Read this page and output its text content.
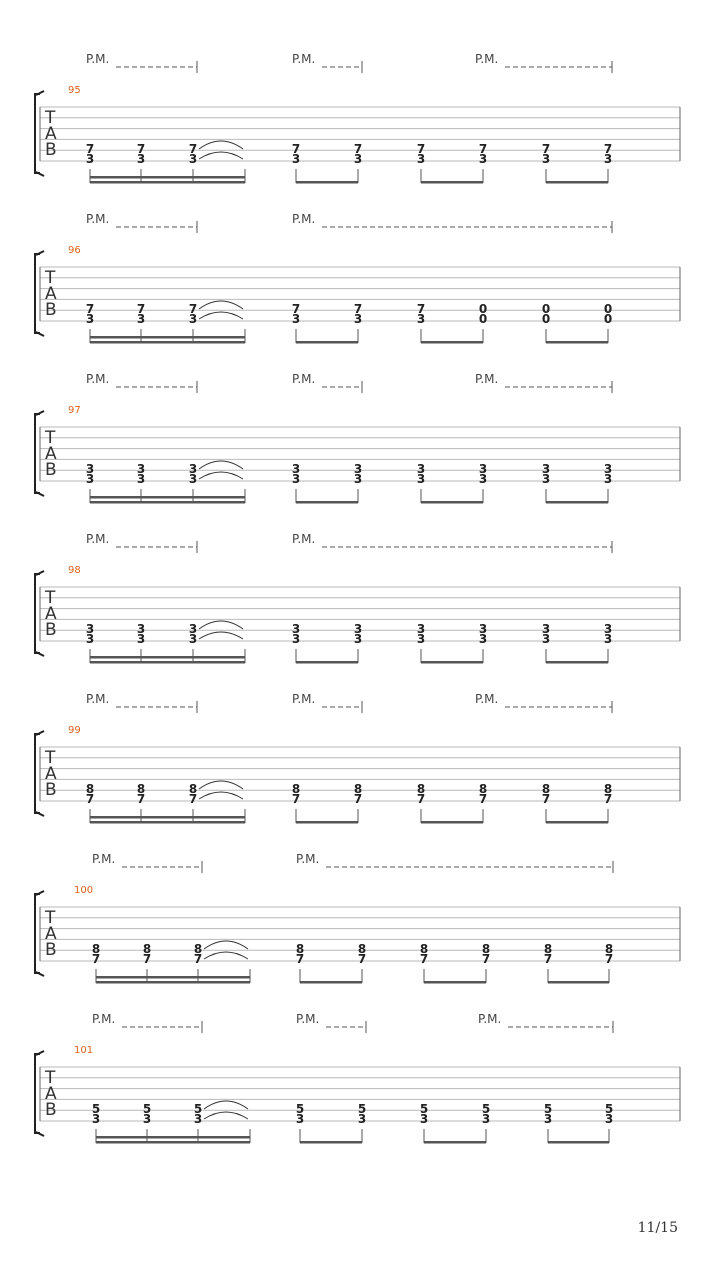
T
A
B
95
P.M.	P.M.	P.M.
7
3
7
3
7
3
7
3
7
3
7
3
7
3
7
3
7
3
T
A
B
96
P.M.	P.M.
7
3
7
3
7
3
7
3
7
3
7
3
0
0
0
0
0
0
T
A
B
97
P.M.	P.M.	P.M.
3
3
3
3
3
3
3
3
3
3
3
3
3
3
3
3
3
3
T
A
B
98
P.M.	P.M.
3
3
3
3
3
3
3
3
3
3
3
3
3
3
3
3
3
3
T
A
B
99
P.M.	P.M.	P.M.
8
7
8
7
8
7
8
7
8
7
8
7
8
7
8
7
8
7
T
A
B
100
P.M.	P.M.
8
7
8
7
8
7
8
7
8
7
8
7
8
7
8
7
8
7
T
A
B
101
P.M.	P.M.	P.M.
5
3
5
3
5
3
5
3
5
3
5
3
5
3
5
3
5
3
11/15
